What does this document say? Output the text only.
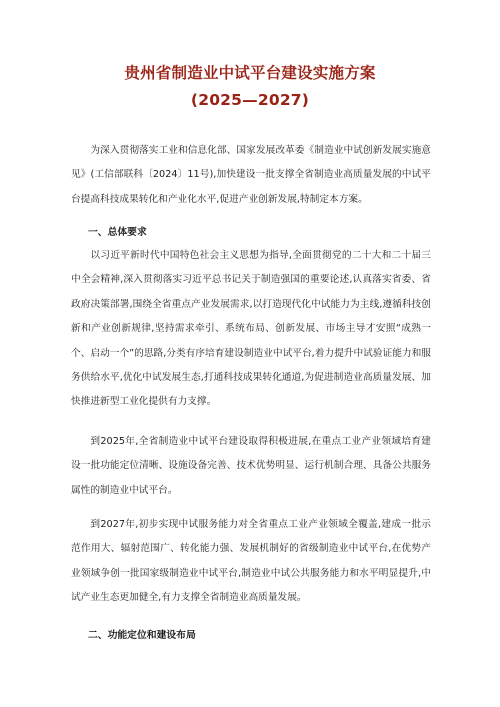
贵州省制造业中试平台建设实施方案
(2025—2027)

为深入贯彻落实工业和信息化部、国家发展改革委《制造业中试创新发展实施意见》(工信部联科〔2024〕11号),加快建设一批支撑全省制造业高质量发展的中试平台提高科技成果转化和产业化水平,促进产业创新发展,特制定本方案。

一、总体要求

以习近平新时代中国特色社会主义思想为指导,全面贯彻党的二十大和二十届三中全会精神,深入贯彻落实习近平总书记关于制造强国的重要论述,认真落实省委、省政府决策部署,围绕全省重点产业发展需求,以打造现代化中试能力为主线,遵循科技创新和产业创新规律,坚持需求牵引、系统布局、创新发展、市场主导才安照“成熟一个、启动一个”的思路,分类有序培育建设制造业中试平台,着力提升中试验证能力和服务供给水平,优化中试发展生态,打通科技成果转化通道,为促进制造业高质量发展、加快推进新型工业化提供有力支撑。

到2025年,全省制造业中试平台建设取得积极进展,在重点工业产业领域培育建设一批功能定位清晰、设施设备完善、技术优势明显、运行机制合理、具备公共服务属性的制造业中试平台。

到2027年,初步实现中试服务能力对全省重点工业产业领域全覆盖,建成一批示范作用大、辐射范围广、转化能力强、发展机制好的省级制造业中试平台,在优势产业领域争创一批国家级制造业中试平台,制造业中试公共服务能力和水平明显提升,中试产业生态更加健全,有力支撑全省制造业高质量发展。

二、功能定位和建设布局
